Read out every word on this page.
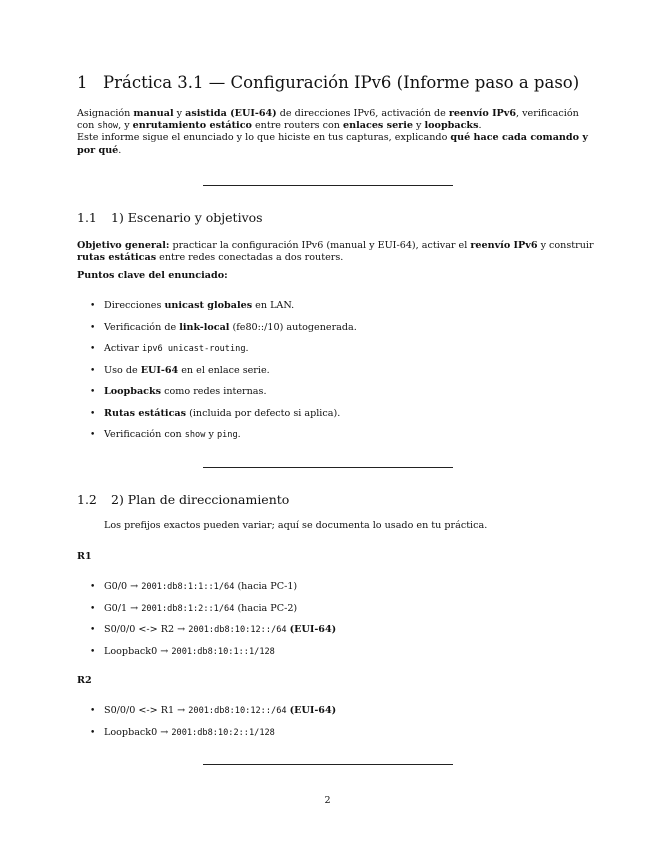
1 Práctica 3.1 — Configuración IPv6 (Informe paso a paso)
Asignación manual y asistida (EUI-64) de direcciones IPv6, activación de reenvío IPv6, verificación
con show, y enrutamiento estático entre routers con enlaces serie y loopbacks.
Este informe sigue el enunciado y lo que hiciste en tus capturas, explicando qué hace cada comando y
por qué.
1.1 1) Escenario y objetivos
Objetivo general: practicar la configuración IPv6 (manual y EUI-64), activar el reenvío IPv6 y construir
rutas estáticas entre redes conectadas a dos routers.
Puntos clave del enunciado:
• Direcciones unicast globales en LAN.
• Verificación de link-local (fe80::/10) autogenerada.
• Activar ipv6 unicast-routing.
• Uso de EUI-64 en el enlace serie.
• Loopbacks como redes internas.
• Rutas estáticas (incluida por defecto si aplica).
• Verificación con show y ping.
1.2 2) Plan de direccionamiento
Los prefijos exactos pueden variar; aquí se documenta lo usado en tu práctica.
R1
• G0/0 → 2001:db8:1:1::1/64 (hacia PC-1)
• G0/1 → 2001:db8:1:2::1/64 (hacia PC-2)
• S0/0/0 <-> R2 → 2001:db8:10:12::/64 (EUI-64)
• Loopback0 → 2001:db8:10:1::1/128
R2
• S0/0/0 <-> R1 → 2001:db8:10:12::/64 (EUI-64)
• Loopback0 → 2001:db8:10:2::1/128
2
